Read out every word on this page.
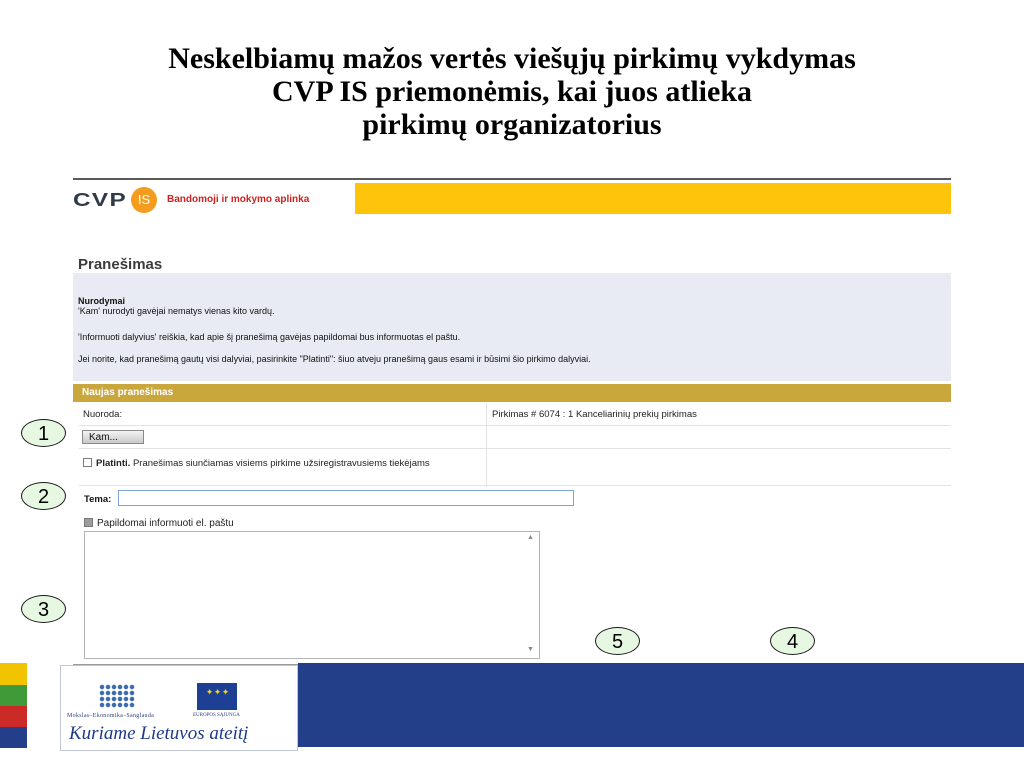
Neskelbiamų mažos vertės viešųjų pirkimų vykdymas
CVP IS priemonėmis, kai juos atlieka
pirkimų organizatorius
CVP IS	Bandomoji ir mokymo aplinka
Pranešimas
Nurodymai
'Kam' nurodyti gavėjai nematys vienas kito vardų.
'Informuoti dalyvius' reiškia, kad apie šį pranešimą gavėjas papildomai bus informuotas el paštu.
Jei norite, kad pranešimą gautų visi dalyviai, pasirinkite "Platinti": šiuo atveju pranešimą gaus esami ir būsimi šio pirkimo dalyviai.
Naujas pranešimas
Nuoroda:	Pirkimas # 6074 : 1 Kanceliarinių prekių pirkimas
Kam...
Platinti. Pranešimas siunčiamas visiems pirkime užsiregistravusiems tiekėjams
Tema:
Papildomai informuoti el. paštu
▲
▼
1
2
3
4
5
✦ ✦ ✦
Mokslas–Ekonomika–Sanglauda	EUROPOS SĄJUNGA
Kuriame Lietuvos ateitį
